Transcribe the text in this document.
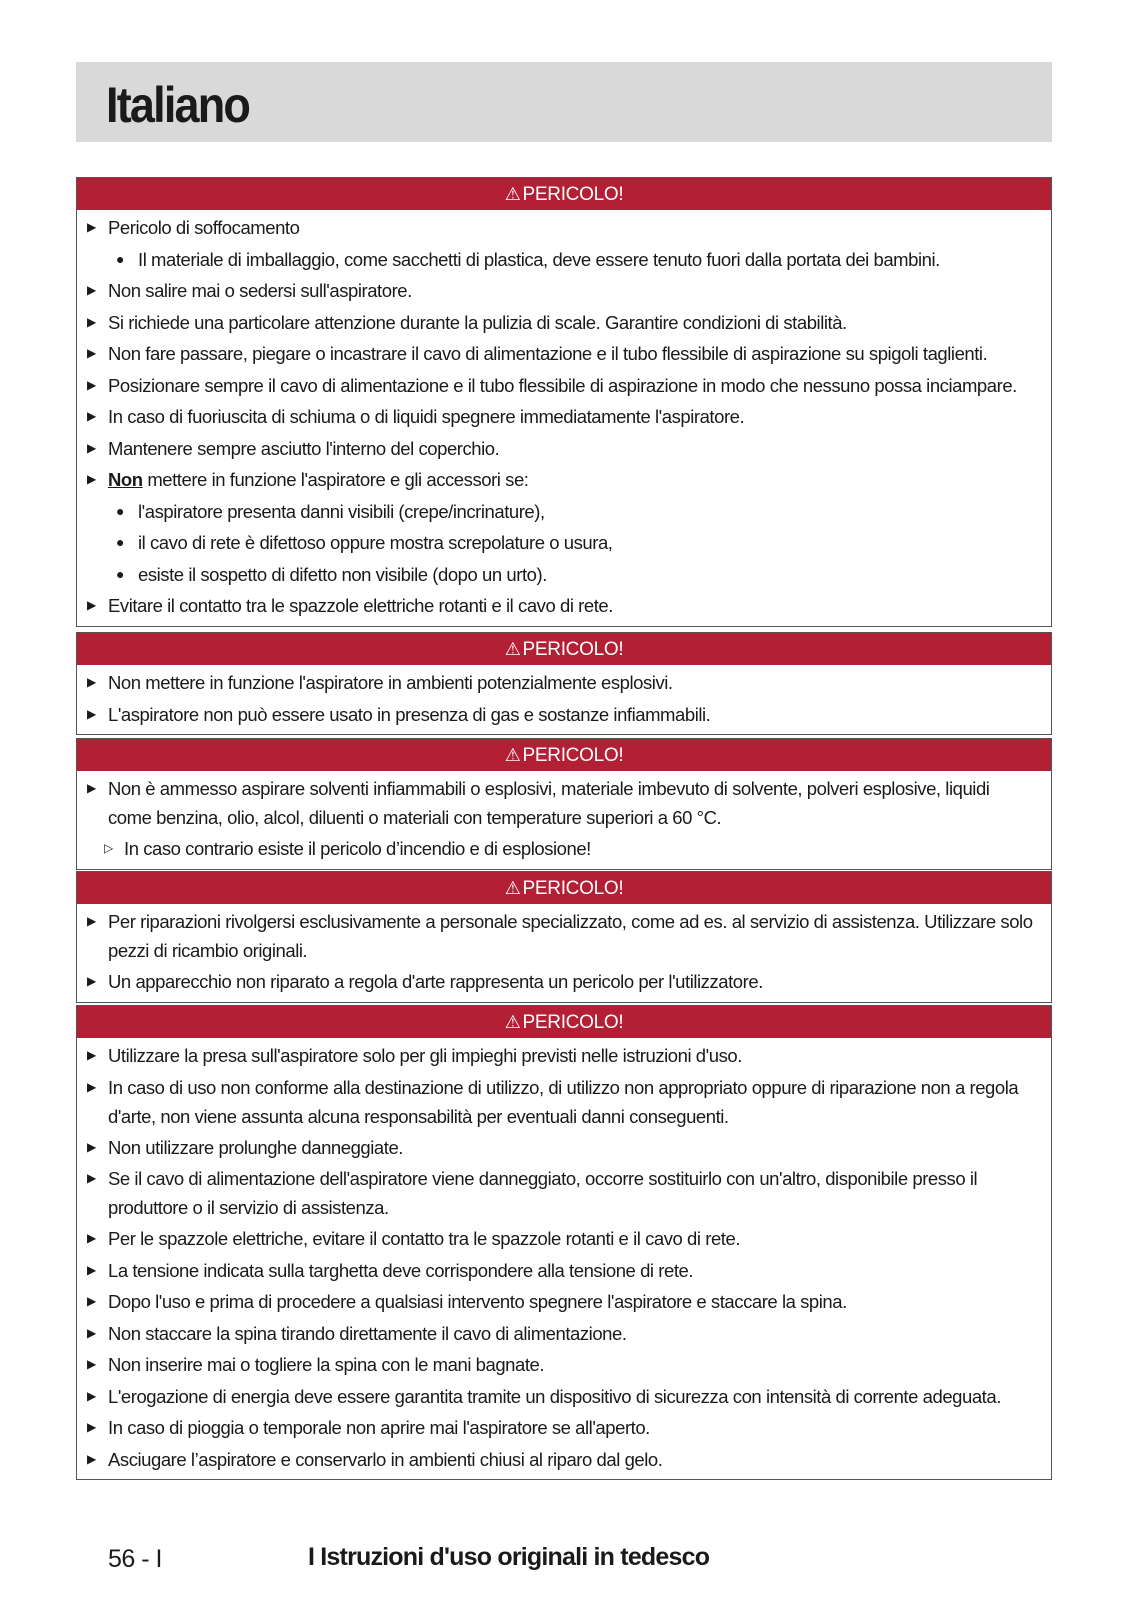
Italiano
⚠ PERICOLO!
▶ Pericolo di soffocamento
● Il materiale di imballaggio, come sacchetti di plastica, deve essere tenuto fuori dalla portata dei bambini.
▶ Non salire mai o sedersi sull'aspiratore.
▶ Si richiede una particolare attenzione durante la pulizia di scale. Garantire condizioni di stabilità.
▶ Non fare passare, piegare o incastrare il cavo di alimentazione e il tubo flessibile di aspirazione su spigoli taglienti.
▶ Posizionare sempre il cavo di alimentazione e il tubo flessibile di aspirazione in modo che nessuno possa inciampare.
▶ In caso di fuoriuscita di schiuma o di liquidi spegnere immediatamente l'aspiratore.
▶ Mantenere sempre asciutto l'interno del coperchio.
▶ Non mettere in funzione l'aspiratore e gli accessori se:
● l'aspiratore presenta danni visibili (crepe/incrinature),
● il cavo di rete è difettoso oppure mostra screpolature o usura,
● esiste il sospetto di difetto non visibile (dopo un urto).
▶ Evitare il contatto tra le spazzole elettriche rotanti e il cavo di rete.
⚠ PERICOLO!
▶ Non mettere in funzione l'aspiratore in ambienti potenzialmente esplosivi.
▶ L'aspiratore non può essere usato in presenza di gas e sostanze infiammabili.
⚠ PERICOLO!
▶ Non è ammesso aspirare solventi infiammabili o esplosivi, materiale imbevuto di solvente, polveri esplosive, liquidi come benzina, olio, alcol, diluenti o materiali con temperature superiori a 60 °C.
▷ In caso contrario esiste il pericolo d’incendio e di esplosione!
⚠ PERICOLO!
▶ Per riparazioni rivolgersi esclusivamente a personale specializzato, come ad es. al servizio di assistenza. Utilizzare solo pezzi di ricambio originali.
▶ Un apparecchio non riparato a regola d'arte rappresenta un pericolo per l'utilizzatore.
⚠ PERICOLO!
▶ Utilizzare la presa sull'aspiratore solo per gli impieghi previsti nelle istruzioni d'uso.
▶ In caso di uso non conforme alla destinazione di utilizzo, di utilizzo non appropriato oppure di riparazione non a regola d'arte, non viene assunta alcuna responsabilità per eventuali danni conseguenti.
▶ Non utilizzare prolunghe danneggiate.
▶ Se il cavo di alimentazione dell'aspiratore viene danneggiato, occorre sostituirlo con un'altro, disponibile presso il produttore o il servizio di assistenza.
▶ Per le spazzole elettriche, evitare il contatto tra le spazzole rotanti e il cavo di rete.
▶ La tensione indicata sulla targhetta deve corrispondere alla tensione di rete.
▶ Dopo l'uso e prima di procedere a qualsiasi intervento spegnere l'aspiratore e staccare la spina.
▶ Non staccare la spina tirando direttamente il cavo di alimentazione.
▶ Non inserire mai o togliere la spina con le mani bagnate.
▶ L'erogazione di energia deve essere garantita tramite un dispositivo di sicurezza con intensità di corrente adeguata.
▶ In caso di pioggia o temporale non aprire mai l'aspiratore se all'aperto.
▶ Asciugare l’aspiratore e conservarlo in ambienti chiusi al riparo dal gelo.
56 - I	I Istruzioni d'uso originali in tedesco
